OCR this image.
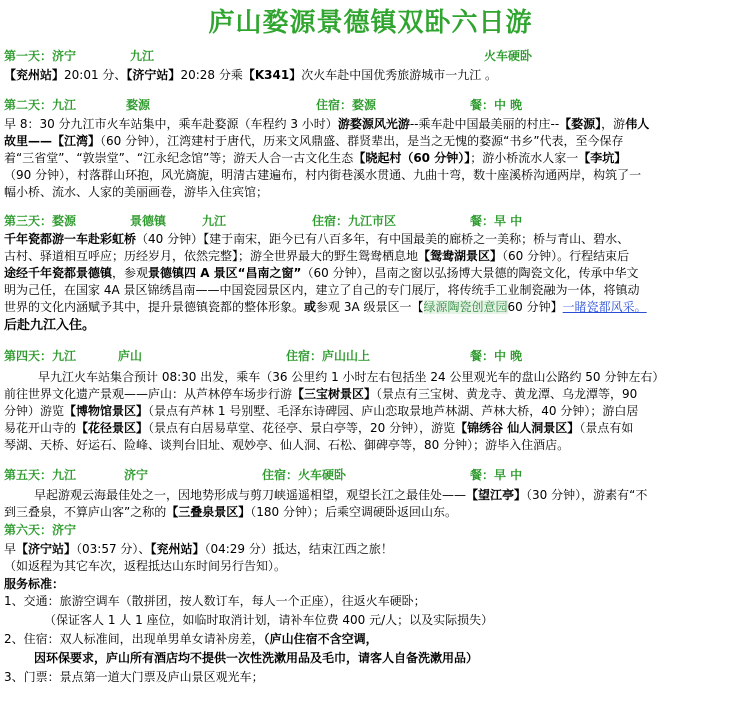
庐山婺源景德镇双卧六日游
第一天：济宁	九江	火车硬卧
【兖州站】20:01 分、【济宁站】20:28 分乘【K341】次火车赴中国优秀旅游城市一九江 。
第二天：九江	婺源	住宿：婺源	餐：中 晚
早 8：30 分九江市火车站集中，乘车赴婺源（车程约 3 小时）游婺源风光游--乘车赴中国最美丽的村庄--【婺源】，游伟人
故里——【江湾】（60 分钟），江湾建村于唐代，历来文风鼎盛、群贤辈出，是当之无愧的婺源“书乡”代表，至今保存
着“三省堂”、“敦崇堂”、“江永纪念馆”等；游天人合一古文化生态【晓起村（60 分钟）】；游小桥流水人家一【李坑】
（90 分钟），村落群山环抱，风光旖旎，明清古建遍布，村内街巷溪水贯通、九曲十弯，数十座溪桥沟通两岸，构筑了一
幅小桥、流水、人家的美丽画卷，游毕入住宾馆；
第三天：婺源	景德镇	九江	住宿：九江市区	餐：早 中
千年瓷都游一车赴彩虹桥（40 分钟）【建于南宋，距今已有八百多年，有中国最美的廊桥之一美称；桥与青山、碧水、
古村、驿道相互呼应；历经岁月，依然完整】；游全世界最大的野生鸳鸯栖息地【鸳鸯湖景区】（60 分钟）。行程结束后
途经千年瓷都景德镇，参观景德镇四 A 景区“昌南之窗”（60 分钟），昌南之窗以弘扬博大景德的陶瓷文化，传承中华文
明为己任，在国家 4A 景区锦绣昌南——中国瓷园景区内，建立了自己的专门展厅，将传统手工业制瓷融为一体，将镇动
世界的文化内涵赋予其中，提升景德镇瓷都的整体形象。或参观 3A 级景区一【绿源陶瓷创意园60 分钟】一睹瓷都风采。
后赴九江入住。
第四天：九江	庐山	住宿：庐山山上	餐：中 晚
早九江火车站集合预计 08:30 出发，乘车（36 公里约 1 小时左右包括坐 24 公里观光车的盘山公路约 50 分钟左右）
前往世界文化遗产景观——庐山：从芦林停车场步行游【三宝树景区】（景点有三宝树、黄龙寺、黄龙潭、乌龙潭等，90
分钟）游览【博物馆景区】（景点有芦林 1 号别墅、毛泽东诗碑园、庐山恋取景地芦林湖、芦林大桥，40 分钟）；游白居
易花开山寺的【花径景区】（景点有白居易草堂、花径亭、景白亭等，20 分钟），游览【锦绣谷 仙人洞景区】（景点有如
琴湖、天桥、好运石、险峰、谈判台旧址、观妙亭、仙人洞、石松、御碑亭等，80 分钟）；游毕入住酒店。
第五天：九江	济宁	住宿：火车硬卧	餐：早 中
早起游观云海最佳处之一，因地势形成与剪刀峡遥遥相望，观望长江之最佳处——【望江亭】（30 分钟），游素有“不
到三叠泉，不算庐山客”之称的【三叠泉景区】（180 分钟）；后乘空调硬卧返回山东。
第六天：济宁
早【济宁站】（03:57 分）、【兖州站】（04:29 分）抵达，结束江西之旅！
（如返程为其它车次，返程抵达山东时间另行告知）。
服务标准：
1、交通：旅游空调车（散拼团，按人数订车，每人一个正座），往返火车硬卧；
（保证客人 1 人 1 座位，如临时取消计划，请补车位费 400 元/人；以及实际损失）
2、住宿：双人标准间，出现单男单女请补房差，（庐山住宿不含空调，
因环保要求，庐山所有酒店均不提供一次性洗漱用品及毛巾，请客人自备洗漱用品）
3、门票：景点第一道大门票及庐山景区观光车；
